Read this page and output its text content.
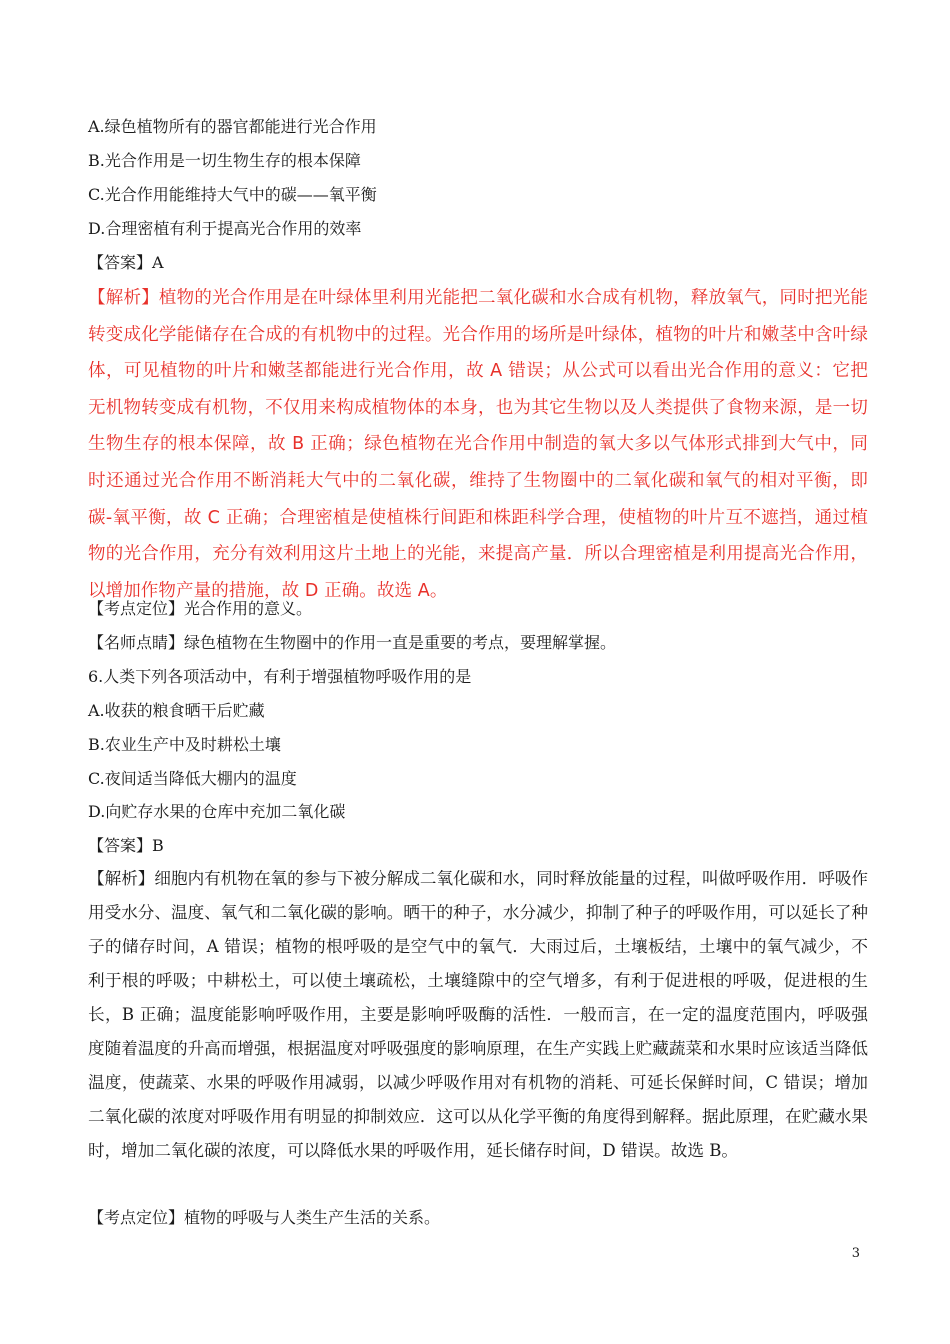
A.绿色植物所有的器官都能进行光合作用
B.光合作用是一切生物生存的根本保障
C.光合作用能维持大气中的碳——氧平衡
D.合理密植有利于提高光合作用的效率
【答案】A

【解析】植物的光合作用是在叶绿体里利用光能把二氧化碳和水合成有机物，释放氧气，同时把光能转变成化学能储存在合成的有机物中的过程。光合作用的场所是叶绿体，植物的叶片和嫩茎中含叶绿体，可见植物的叶片和嫩茎都能进行光合作用，故 A 错误；从公式可以看出光合作用的意义：它把无机物转变成有机物，不仅用来构成植物体的本身，也为其它生物以及人类提供了食物来源，是一切生物生存的根本保障，故 B 正确；绿色植物在光合作用中制造的氧大多以气体形式排到大气中，同时还通过光合作用不断消耗大气中的二氧化碳，维持了生物圈中的二氧化碳和氧气的相对平衡，即碳-氧平衡，故 C 正确；合理密植是使植株行间距和株距科学合理，使植物的叶片互不遮挡，通过植物的光合作用，充分有效利用这片土地上的光能，来提高产量．所以合理密植是利用提高光合作用，以增加作物产量的措施，故 D 正确。故选 A。

【考点定位】光合作用的意义。
【名师点睛】绿色植物在生物圈中的作用一直是重要的考点，要理解掌握。
6.人类下列各项活动中，有利于增强植物呼吸作用的是
A.收获的粮食晒干后贮藏
B.农业生产中及时耕松土壤
C.夜间适当降低大棚内的温度
D.向贮存水果的仓库中充加二氧化碳
【答案】B

【解析】细胞内有机物在氧的参与下被分解成二氧化碳和水，同时释放能量的过程，叫做呼吸作用．呼吸作用受水分、温度、氧气和二氧化碳的影响。晒干的种子，水分减少，抑制了种子的呼吸作用，可以延长了种子的储存时间，A 错误；植物的根呼吸的是空气中的氧气．大雨过后，土壤板结，土壤中的氧气减少，不利于根的呼吸；中耕松土，可以使土壤疏松，土壤缝隙中的空气增多，有利于促进根的呼吸，促进根的生长，B 正确；温度能影响呼吸作用，主要是影响呼吸酶的活性．一般而言，在一定的温度范围内，呼吸强度随着温度的升高而增强，根据温度对呼吸强度的影响原理，在生产实践上贮藏蔬菜和水果时应该适当降低温度，使蔬菜、水果的呼吸作用减弱，以减少呼吸作用对有机物的消耗、可延长保鲜时间，C 错误；增加二氧化碳的浓度对呼吸作用有明显的抑制效应．这可以从化学平衡的角度得到解释。据此原理，在贮藏水果时，增加二氧化碳的浓度，可以降低水果的呼吸作用，延长储存时间，D 错误。故选 B。

【考点定位】植物的呼吸与人类生产生活的关系。
3
